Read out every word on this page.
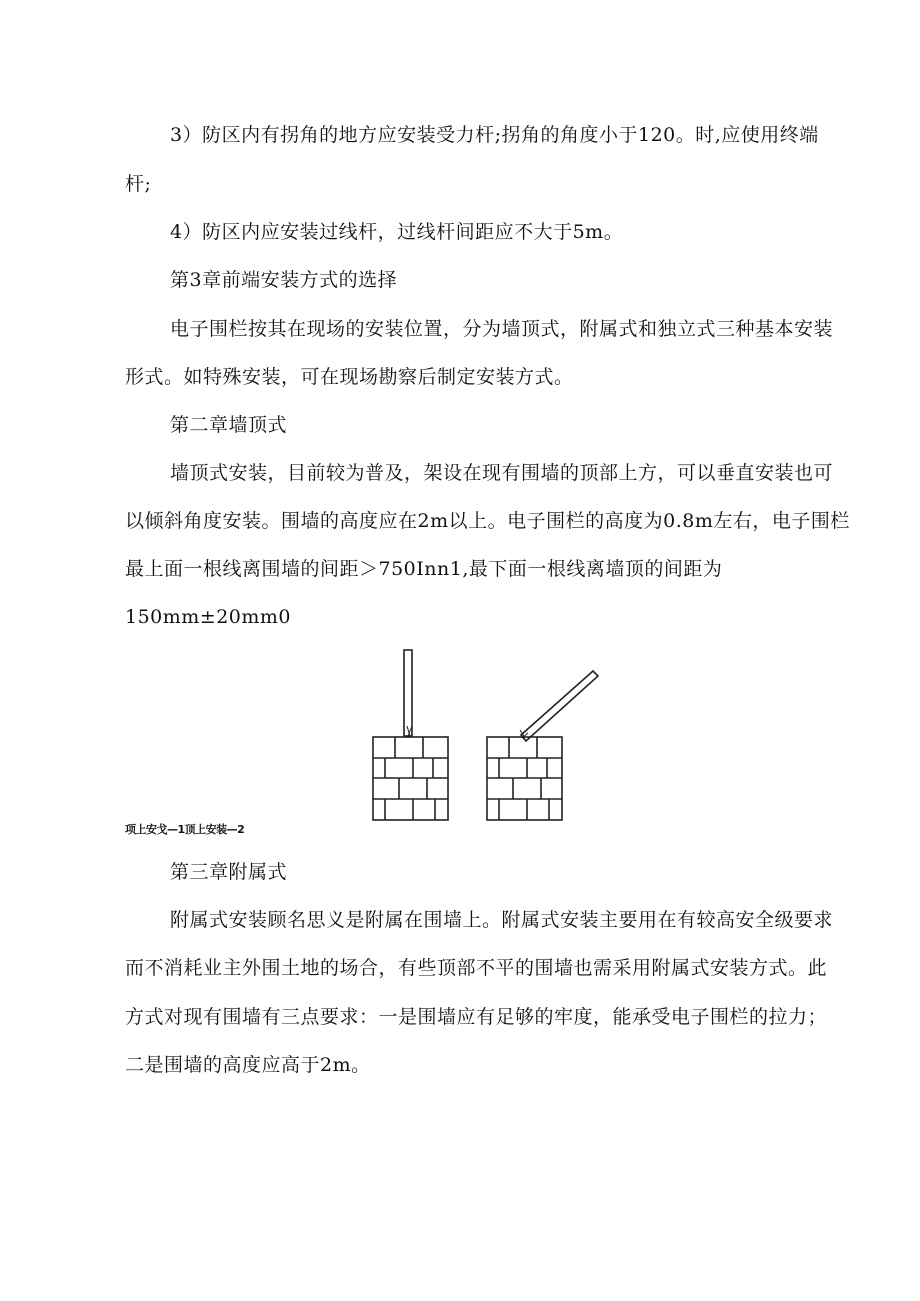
3）防区内有拐角的地方应安装受力杆;拐角的角度小于120。时,应使用终端

杆;

4）防区内应安装过线杆，过线杆间距应不大于5m。

第3章前端安装方式的选择

电子围栏按其在现场的安装位置，分为墙顶式，附属式和独立式三种基本安装

形式。如特殊安装，可在现场勘察后制定安装方式。

第二章墙顶式

墙顶式安装，目前较为普及，架设在现有围墙的顶部上方，可以垂直安装也可

以倾斜角度安装。围墙的高度应在2m以上。电子围栏的高度为0.8m左右，电子围栏

最上面一根线离围墙的间距＞750Inn1,最下面一根线离墙顶的间距为

150mm±20mm0

项上安戈—1顶上安装—2

第三章附属式

附属式安装顾名思义是附属在围墙上。附属式安装主要用在有较高安全级要求

而不消耗业主外围土地的场合，有些顶部不平的围墙也需采用附属式安装方式。此

方式对现有围墙有三点要求：一是围墙应有足够的牢度，能承受电子围栏的拉力；

二是围墙的高度应高于2m。
